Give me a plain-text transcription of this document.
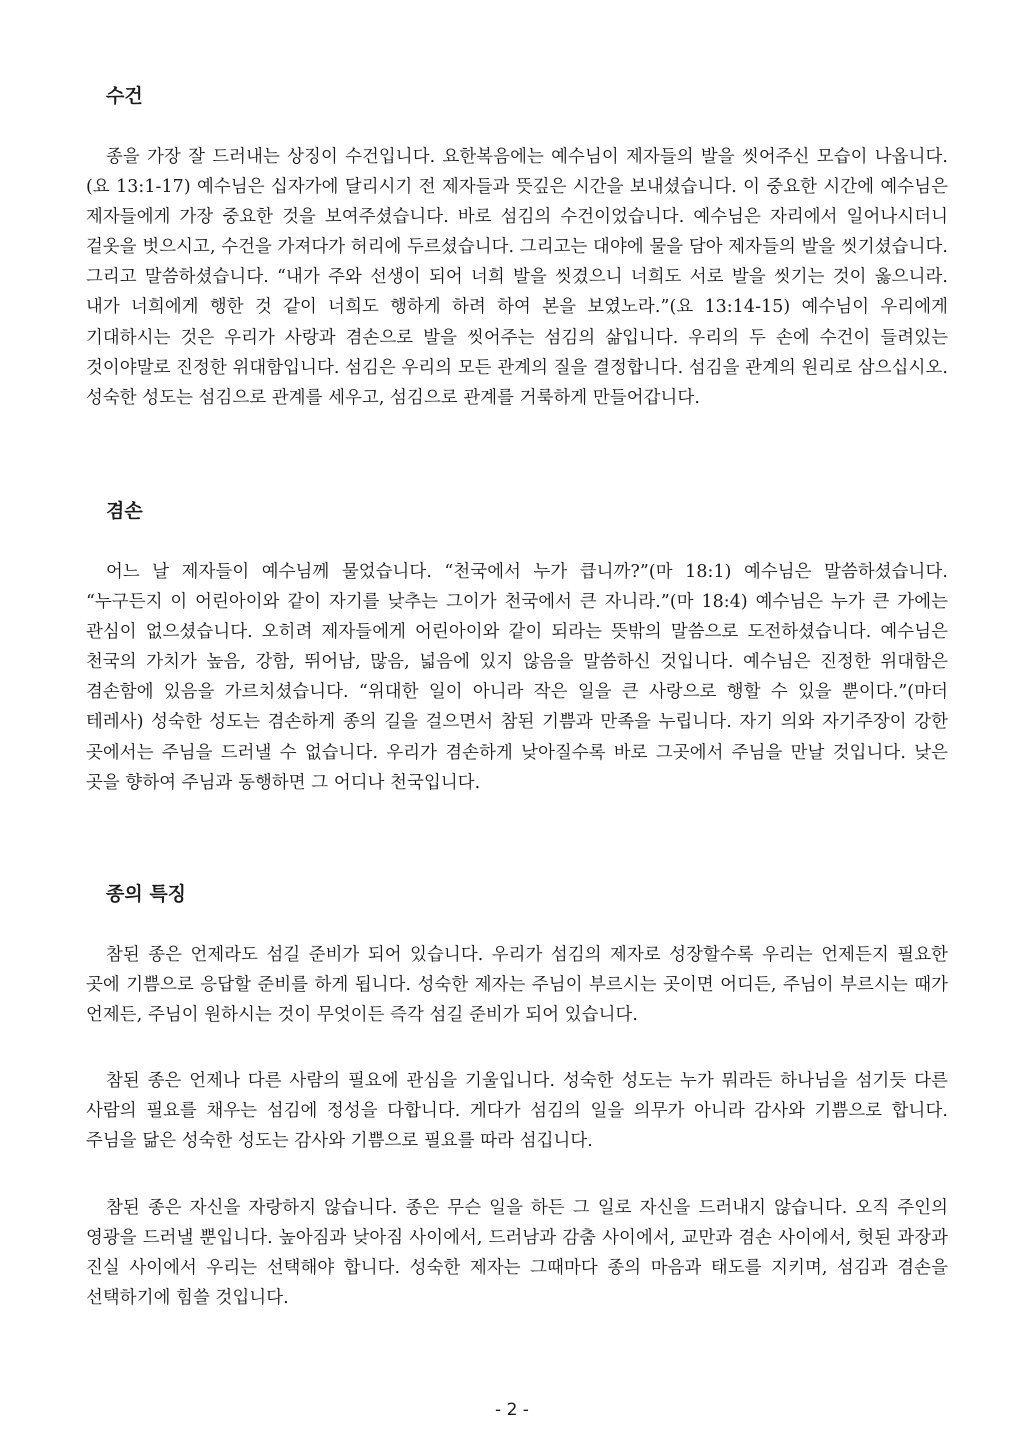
수건

종을 가장 잘 드러내는 상징이 수건입니다. 요한복음에는 예수님이 제자들의 발을 씻어주신 모습이 나옵니다.(요 13:1-17) 예수님은 십자가에 달리시기 전 제자들과 뜻깊은 시간을 보내셨습니다. 이 중요한 시간에 예수님은 제자들에게 가장 중요한 것을 보여주셨습니다. 바로 섬김의 수건이었습니다. 예수님은 자리에서 일어나시더니 겉옷을 벗으시고, 수건을 가져다가 허리에 두르셨습니다. 그리고는 대야에 물을 담아 제자들의 발을 씻기셨습니다. 그리고 말씀하셨습니다. “내가 주와 선생이 되어 너희 발을 씻겼으니 너희도 서로 발을 씻기는 것이 옳으니라. 내가 너희에게 행한 것 같이 너희도 행하게 하려 하여 본을 보였노라.”(요 13:14-15) 예수님이 우리에게 기대하시는 것은 우리가 사랑과 겸손으로 발을 씻어주는 섬김의 삶입니다. 우리의 두 손에 수건이 들려있는 것이야말로 진정한 위대함입니다. 섬김은 우리의 모든 관계의 질을 결정합니다. 섬김을 관계의 원리로 삼으십시오. 성숙한 성도는 섬김으로 관계를 세우고, 섬김으로 관계를 거룩하게 만들어갑니다.

겸손

어느 날 제자들이 예수님께 물었습니다. “천국에서 누가 큽니까?”(마 18:1) 예수님은 말씀하셨습니다. “누구든지 이 어린아이와 같이 자기를 낮추는 그이가 천국에서 큰 자니라.”(마 18:4) 예수님은 누가 큰 가에는 관심이 없으셨습니다. 오히려 제자들에게 어린아이와 같이 되라는 뜻밖의 말씀으로 도전하셨습니다. 예수님은 천국의 가치가 높음, 강함, 뛰어남, 많음, 넓음에 있지 않음을 말씀하신 것입니다. 예수님은 진정한 위대함은 겸손함에 있음을 가르치셨습니다. “위대한 일이 아니라 작은 일을 큰 사랑으로 행할 수 있을 뿐이다.”(마더 테레사) 성숙한 성도는 겸손하게 종의 길을 걸으면서 참된 기쁨과 만족을 누립니다. 자기 의와 자기주장이 강한 곳에서는 주님을 드러낼 수 없습니다. 우리가 겸손하게 낮아질수록 바로 그곳에서 주님을 만날 것입니다. 낮은 곳을 향하여 주님과 동행하면 그 어디나 천국입니다.

종의 특징

참된 종은 언제라도 섬길 준비가 되어 있습니다. 우리가 섬김의 제자로 성장할수록 우리는 언제든지 필요한 곳에 기쁨으로 응답할 준비를 하게 됩니다. 성숙한 제자는 주님이 부르시는 곳이면 어디든, 주님이 부르시는 때가 언제든, 주님이 원하시는 것이 무엇이든 즉각 섬길 준비가 되어 있습니다.

참된 종은 언제나 다른 사람의 필요에 관심을 기울입니다. 성숙한 성도는 누가 뭐라든 하나님을 섬기듯 다른 사람의 필요를 채우는 섬김에 정성을 다합니다. 게다가 섬김의 일을 의무가 아니라 감사와 기쁨으로 합니다. 주님을 닮은 성숙한 성도는 감사와 기쁨으로 필요를 따라 섬깁니다.

참된 종은 자신을 자랑하지 않습니다. 종은 무슨 일을 하든 그 일로 자신을 드러내지 않습니다. 오직 주인의 영광을 드러낼 뿐입니다. 높아짐과 낮아짐 사이에서, 드러남과 감춤 사이에서, 교만과 겸손 사이에서, 헛된 과장과 진실 사이에서 우리는 선택해야 합니다. 성숙한 제자는 그때마다 종의 마음과 태도를 지키며, 섬김과 겸손을 선택하기에 힘쓸 것입니다.

- 2 -
